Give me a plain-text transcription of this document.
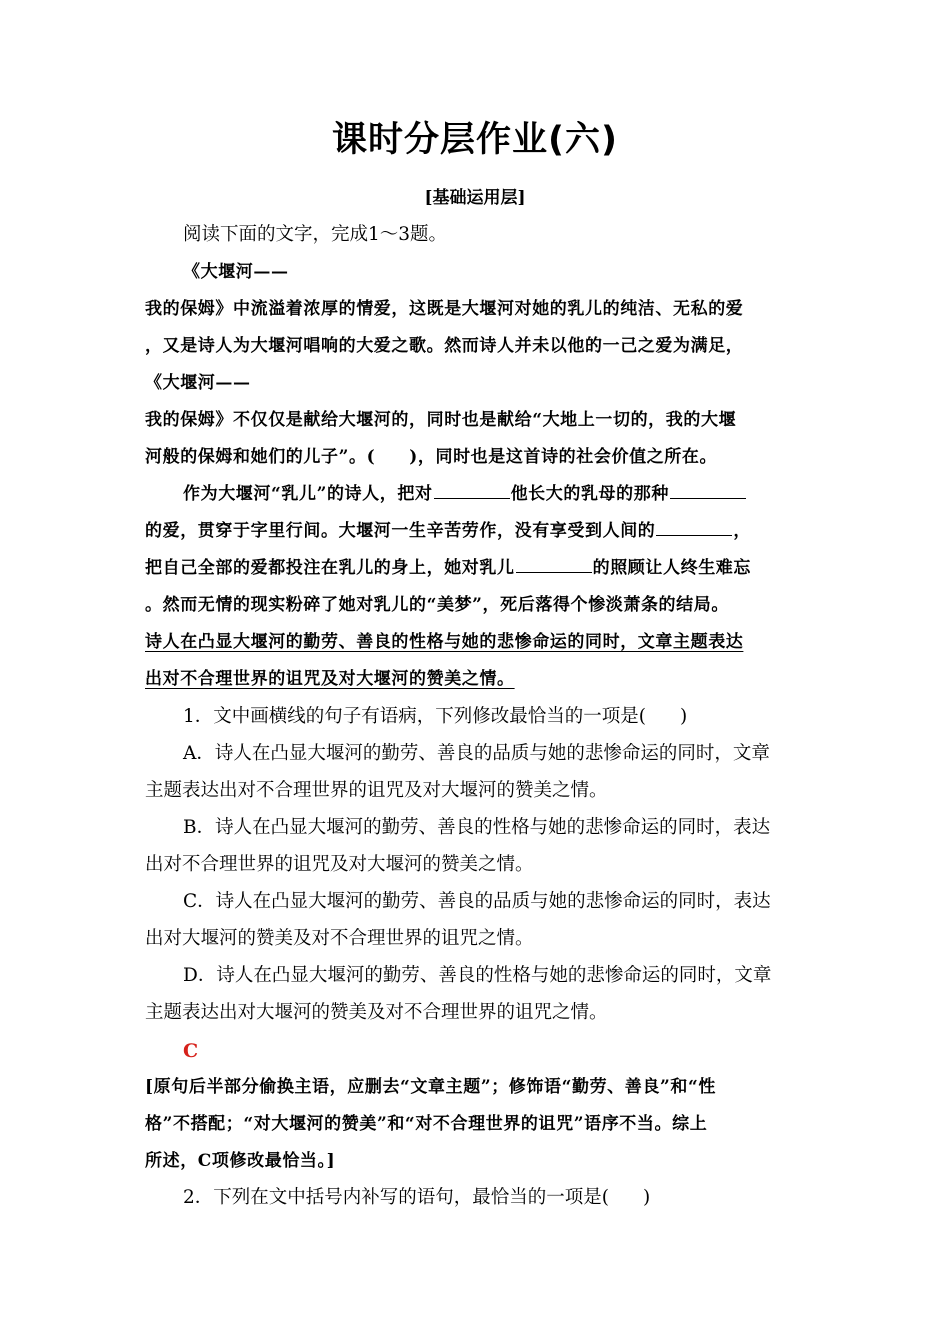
课时分层作业(六)
[基础运用层]
阅读下面的文字，完成1～3题。
《大堰河——
我的保姆》中流溢着浓厚的情爱，这既是大堰河对她的乳儿的纯洁、无私的爱
，又是诗人为大堰河唱响的大爱之歌。然而诗人并未以他的一己之爱为满足，
《大堰河——
我的保姆》不仅仅是献给大堰河的，同时也是献给“大地上一切的，我的大堰
河般的保姆和她们的儿子”。( )，同时也是这首诗的社会价值之所在。
作为大堰河“乳儿”的诗人，把对	他长大的乳母的那种
的爱，贯穿于字里行间。大堰河一生辛苦劳作，没有享受到人间的	，
把自己全部的爱都投注在乳儿的身上，她对乳儿	的照顾让人终生难忘
。然而无情的现实粉碎了她对乳儿的“美梦”，死后落得个惨淡萧条的结局。
诗人在凸显大堰河的勤劳、善良的性格与她的悲惨命运的同时，文章主题表达
出对不合理世界的诅咒及对大堰河的赞美之情。
1．文中画横线的句子有语病，下列修改最恰当的一项是( )
A．诗人在凸显大堰河的勤劳、善良的品质与她的悲惨命运的同时，文章
主题表达出对不合理世界的诅咒及对大堰河的赞美之情。
B．诗人在凸显大堰河的勤劳、善良的性格与她的悲惨命运的同时，表达
出对不合理世界的诅咒及对大堰河的赞美之情。
C．诗人在凸显大堰河的勤劳、善良的品质与她的悲惨命运的同时，表达
出对大堰河的赞美及对不合理世界的诅咒之情。
D．诗人在凸显大堰河的勤劳、善良的性格与她的悲惨命运的同时，文章
主题表达出对大堰河的赞美及对不合理世界的诅咒之情。
C
[原句后半部分偷换主语，应删去“文章主题”；修饰语“勤劳、善良”和“性
格”不搭配；“对大堰河的赞美”和“对不合理世界的诅咒”语序不当。综上
所述，C项修改最恰当。]
2．下列在文中括号内补写的语句，最恰当的一项是( )
